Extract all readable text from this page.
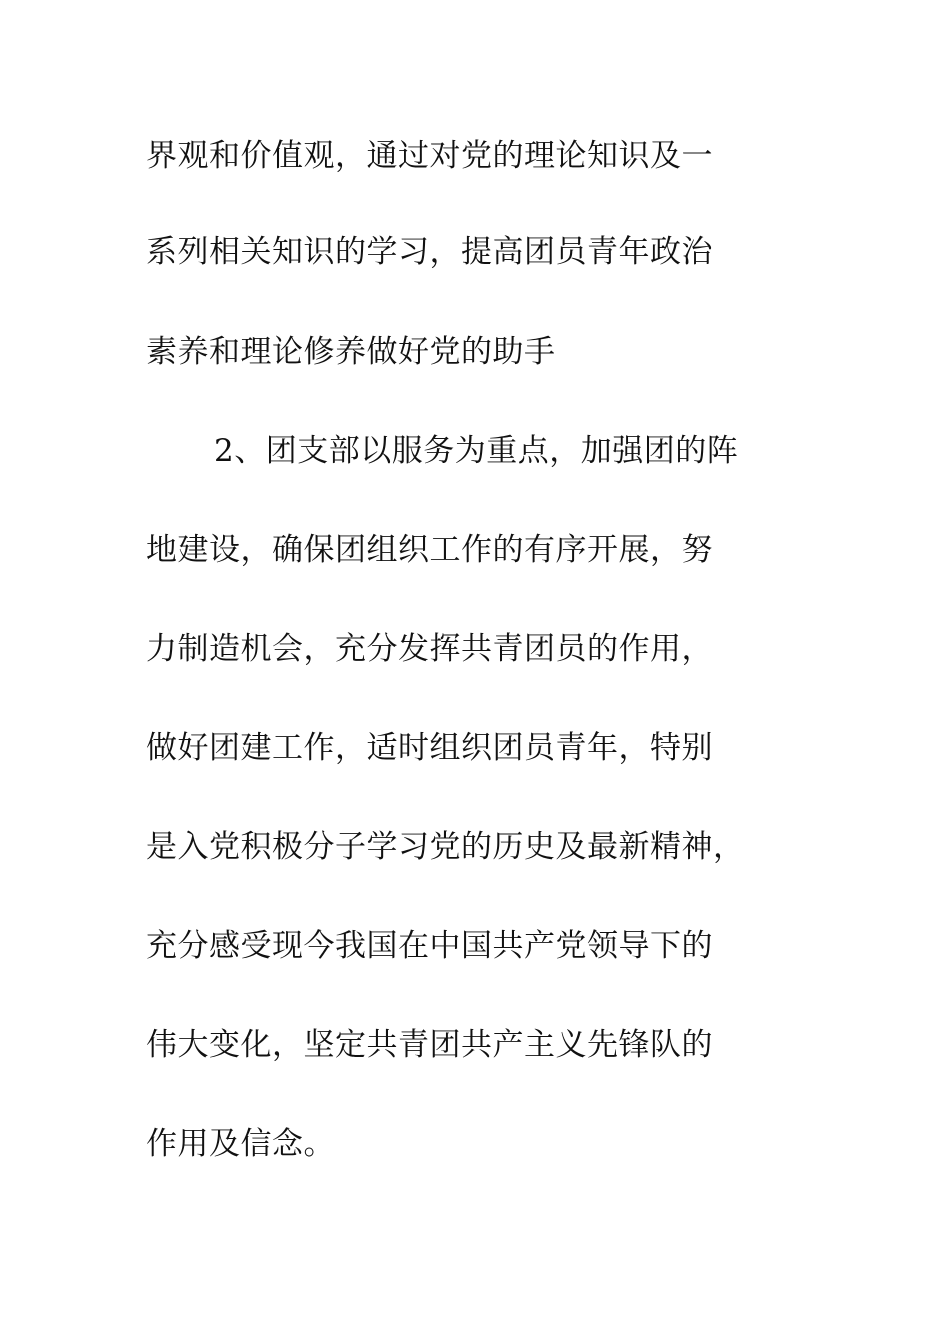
界观和价值观，通过对党的理论知识及一
系列相关知识的学习，提高团员青年政治
素养和理论修养做好党的助手
2、团支部以服务为重点，加强团的阵
地建设，确保团组织工作的有序开展，努
力制造机会，充分发挥共青团员的作用，
做好团建工作，适时组织团员青年，特别
是入党积极分子学习党的历史及最新精神，
充分感受现今我国在中国共产党领导下的
伟大变化，坚定共青团共产主义先锋队的
作用及信念。
